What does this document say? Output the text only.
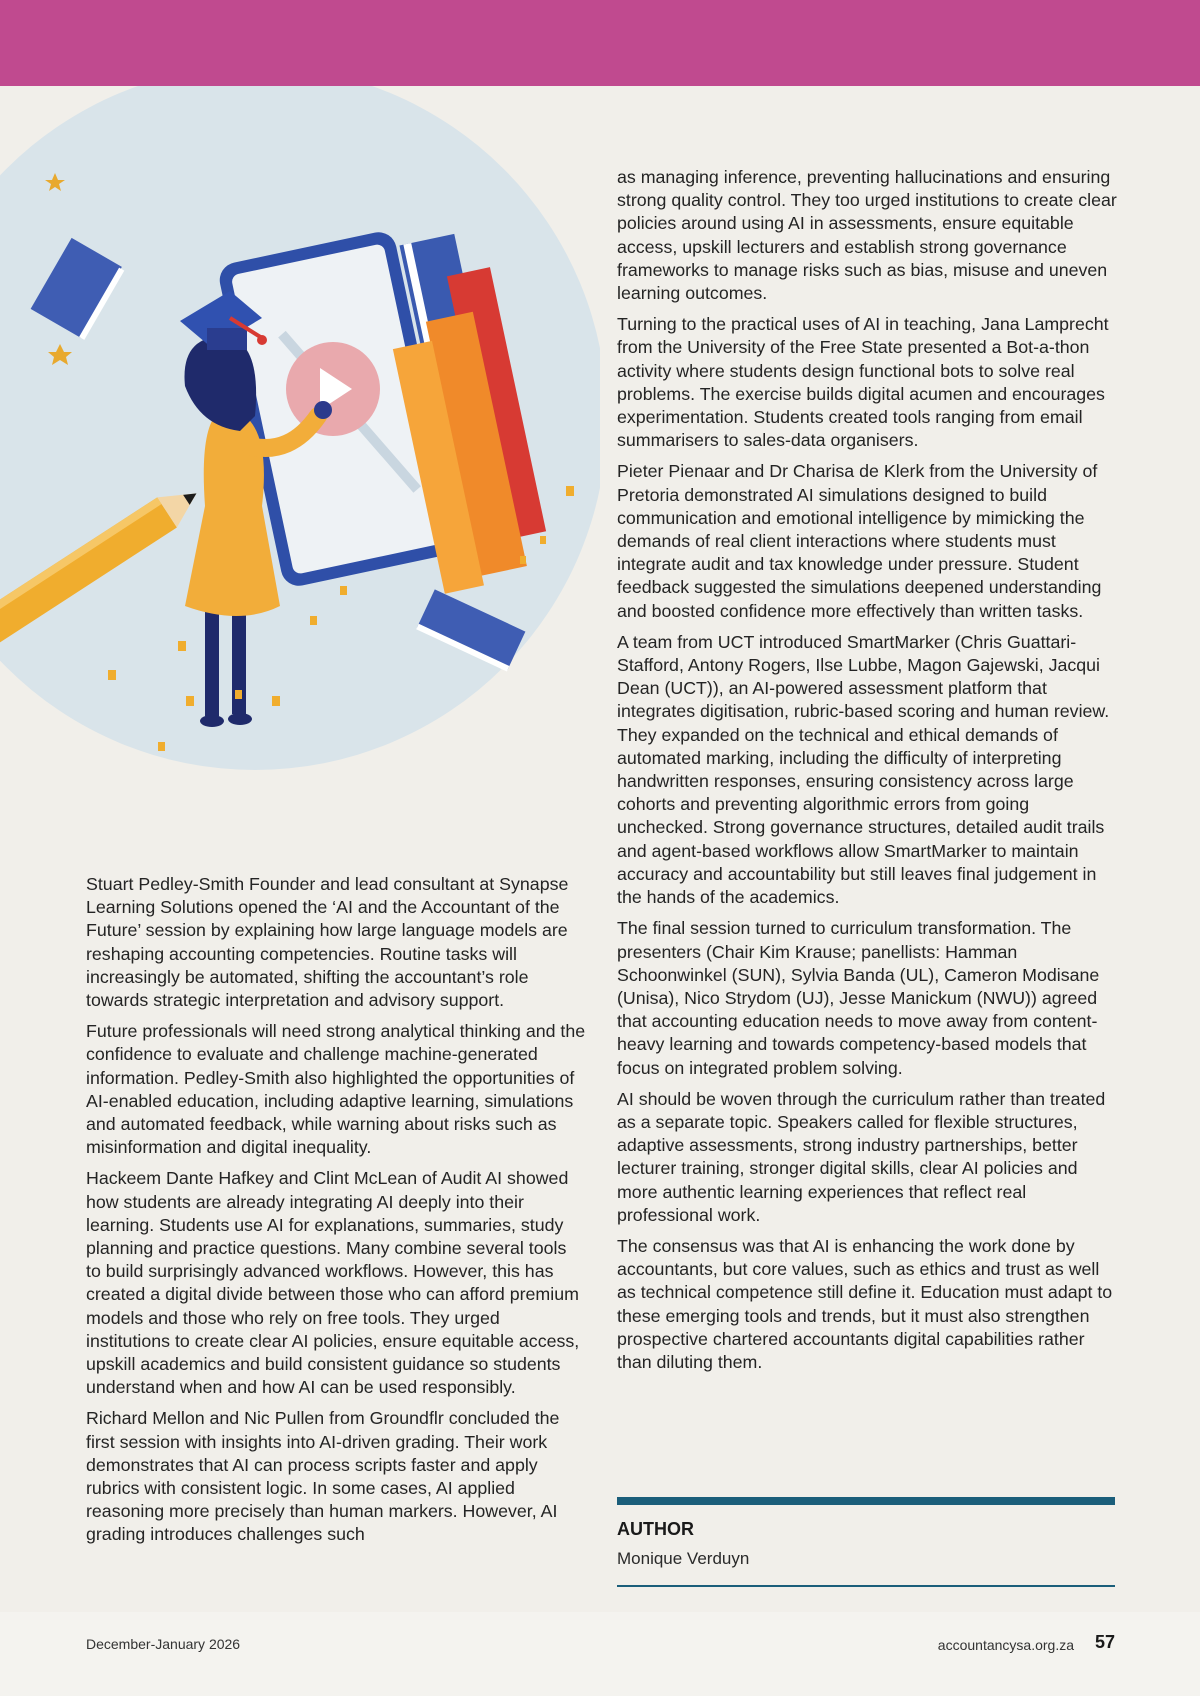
Stuart Pedley-Smith Founder and lead consultant at Synapse Learning Solutions opened the ‘AI and the Accountant of the Future’ session by explaining how large language models are reshaping accounting competencies. Routine tasks will increasingly be automated, shifting the accountant’s role towards strategic interpretation and advisory support.

Future professionals will need strong analytical thinking and the confidence to evaluate and challenge machine-generated information. Pedley-Smith also highlighted the opportunities of AI-enabled education, including adaptive learning, simulations and automated feedback, while warning about risks such as misinformation and digital inequality.

Hackeem Dante Hafkey and Clint McLean of Audit AI showed how students are already integrating AI deeply into their learning. Students use AI for explanations, summaries, study planning and practice questions. Many combine several tools to build surprisingly advanced workflows. However, this has created a digital divide between those who can afford premium models and those who rely on free tools. They urged institutions to create clear AI policies, ensure equitable access, upskill academics and build consistent guidance so students understand when and how AI can be used responsibly.

Richard Mellon and Nic Pullen from Groundflr concluded the first session with insights into AI-driven grading. Their work demonstrates that AI can process scripts faster and apply rubrics with consistent logic. In some cases, AI applied reasoning more precisely than human markers. However, AI grading introduces challenges such

as managing inference, preventing hallucinations and ensuring strong quality control. They too urged institutions to create clear policies around using AI in assessments, ensure equitable access, upskill lecturers and establish strong governance frameworks to manage risks such as bias, misuse and uneven learning outcomes.

Turning to the practical uses of AI in teaching, Jana Lamprecht from the University of the Free State presented a Bot-a-thon activity where students design functional bots to solve real problems. The exercise builds digital acumen and encourages experimentation. Students created tools ranging from email summarisers to sales-data organisers.

Pieter Pienaar and Dr Charisa de Klerk from the University of Pretoria demonstrated AI simulations designed to build communication and emotional intelligence by mimicking the demands of real client interactions where students must integrate audit and tax knowledge under pressure. Student feedback suggested the simulations deepened understanding and boosted confidence more effectively than written tasks.

A team from UCT introduced SmartMarker (Chris Guattari-Stafford, Antony Rogers, Ilse Lubbe, Magon Gajewski, Jacqui Dean (UCT)), an AI-powered assessment platform that integrates digitisation, rubric-based scoring and human review. They expanded on the technical and ethical demands of automated marking, including the difficulty of interpreting handwritten responses, ensuring consistency across large cohorts and preventing algorithmic errors from going unchecked. Strong governance structures, detailed audit trails and agent-based workflows allow SmartMarker to maintain accuracy and accountability but still leaves final judgement in the hands of the academics.

The final session turned to curriculum transformation. The presenters (Chair Kim Krause; panellists: Hamman Schoonwinkel (SUN), Sylvia Banda (UL), Cameron Modisane (Unisa), Nico Strydom (UJ), Jesse Manickum (NWU)) agreed that accounting education needs to move away from content-heavy learning and towards competency-based models that focus on integrated problem solving.

AI should be woven through the curriculum rather than treated as a separate topic. Speakers called for flexible structures, adaptive assessments, strong industry partnerships, better lecturer training, stronger digital skills, clear AI policies and more authentic learning experiences that reflect real professional work.

The consensus was that AI is enhancing the work done by accountants, but core values, such as ethics and trust as well as technical competence still define it. Education must adapt to these emerging tools and trends, but it must also strengthen prospective chartered accountants digital capabilities rather than diluting them.

AUTHOR
Monique Verduyn
December-January 2026	accountancysa.org.za 57
